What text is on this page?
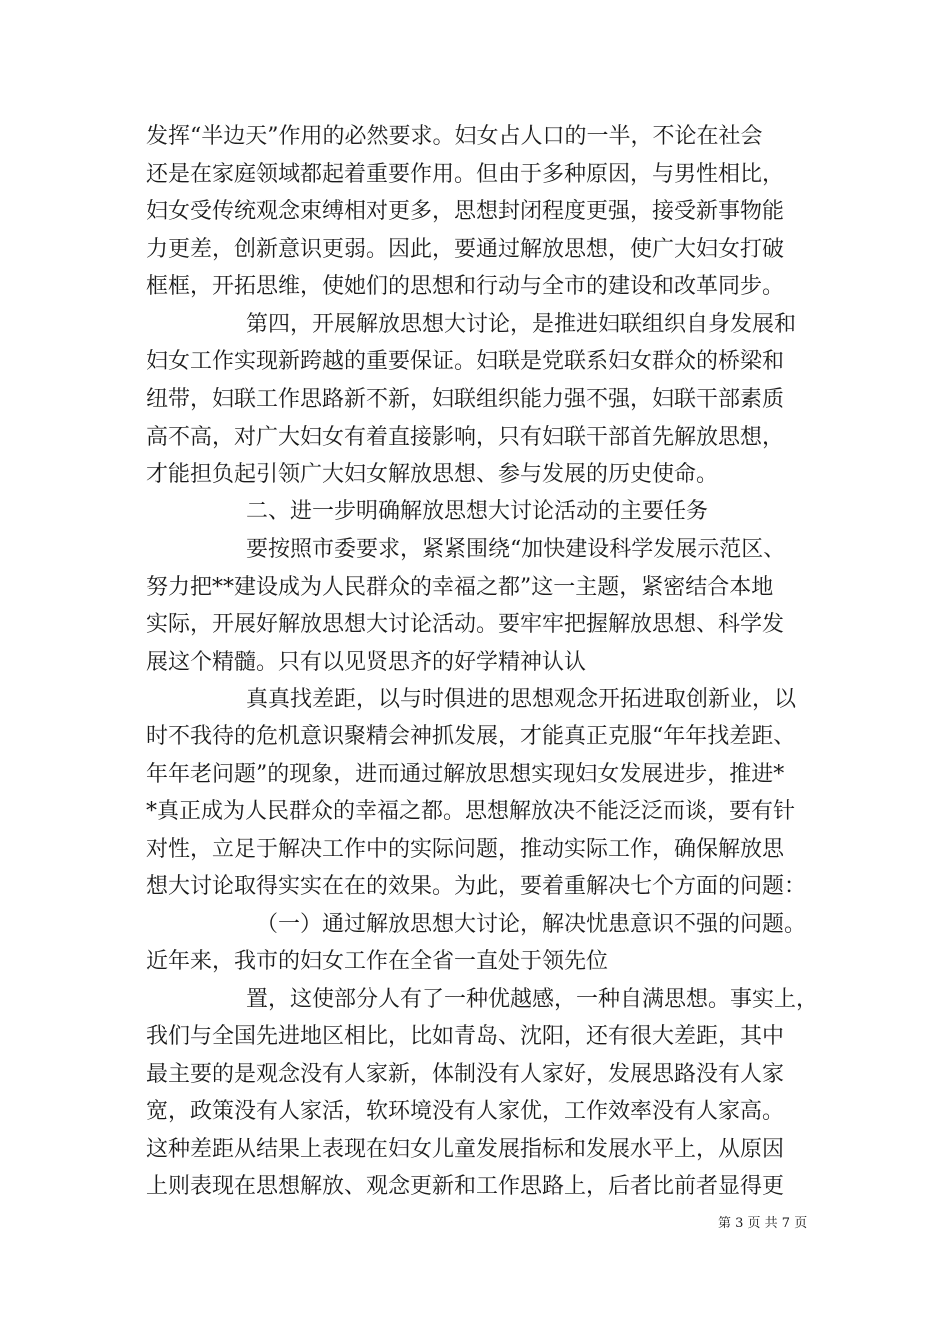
发挥“半边天”作用的必然要求。妇女占人口的一半，不论在社会
还是在家庭领域都起着重要作用。但由于多种原因，与男性相比，
妇女受传统观念束缚相对更多，思想封闭程度更强，接受新事物能
力更差，创新意识更弱。因此，要通过解放思想，使广大妇女打破
框框，开拓思维，使她们的思想和行动与全市的建设和改革同步。
第四，开展解放思想大讨论，是推进妇联组织自身发展和
妇女工作实现新跨越的重要保证。妇联是党联系妇女群众的桥梁和
纽带，妇联工作思路新不新，妇联组织能力强不强，妇联干部素质
高不高，对广大妇女有着直接影响，只有妇联干部首先解放思想，
才能担负起引领广大妇女解放思想、参与发展的历史使命。
二、进一步明确解放思想大讨论活动的主要任务
要按照市委要求，紧紧围绕“加快建设科学发展示范区、
努力把**建设成为人民群众的幸福之都”这一主题，紧密结合本地
实际，开展好解放思想大讨论活动。要牢牢把握解放思想、科学发
展这个精髓。只有以见贤思齐的好学精神认认
真真找差距，以与时俱进的思想观念开拓进取创新业，以
时不我待的危机意识聚精会神抓发展，才能真正克服“年年找差距、
年年老问题”的现象，进而通过解放思想实现妇女发展进步，推进*
*真正成为人民群众的幸福之都。思想解放决不能泛泛而谈，要有针
对性，立足于解决工作中的实际问题，推动实际工作，确保解放思
想大讨论取得实实在在的效果。为此，要着重解决七个方面的问题：
（一）通过解放思想大讨论，解决忧患意识不强的问题。
近年来，我市的妇女工作在全省一直处于领先位
置，这使部分人有了一种优越感，一种自满思想。事实上，
我们与全国先进地区相比，比如青岛、沈阳，还有很大差距，其中
最主要的是观念没有人家新，体制没有人家好，发展思路没有人家
宽，政策没有人家活，软环境没有人家优，工作效率没有人家高。
这种差距从结果上表现在妇女儿童发展指标和发展水平上，从原因
上则表现在思想解放、观念更新和工作思路上，后者比前者显得更
第 3 页 共 7 页
